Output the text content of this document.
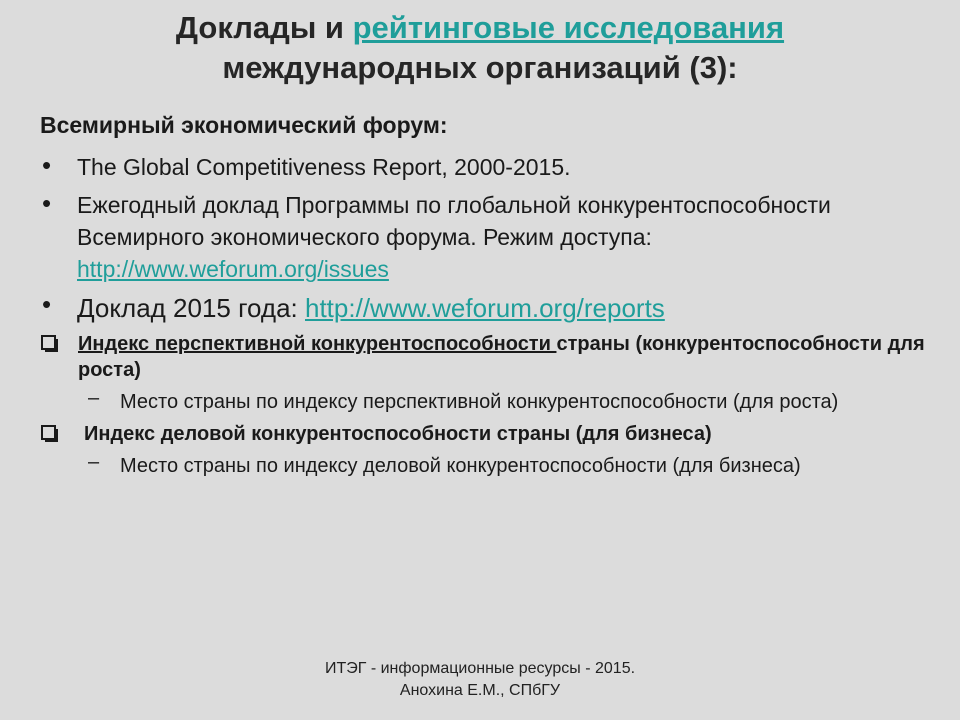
Доклады и рейтинговые исследования
международных организаций (3):
Всемирный экономический форум:
• The Global Competitiveness Report, 2000-2015.
• Ежегодный доклад Программы по глобальной конкурентоспособности Всемирного экономического форума. Режим доступа: http://www.weforum.org/issues
• Доклад 2015 года: http://www.weforum.org/reports
Индекс перспективной конкурентоспособности страны (конкурентоспособности для роста)
– Место страны по индексу перспективной конкурентоспособности (для роста)
Индекс деловой конкурентоспособности страны (для бизнеса)
– Место страны по индексу деловой конкурентоспособности (для бизнеса)
ИТЭГ - информационные ресурсы - 2015.
Анохина Е.М., СПбГУ
